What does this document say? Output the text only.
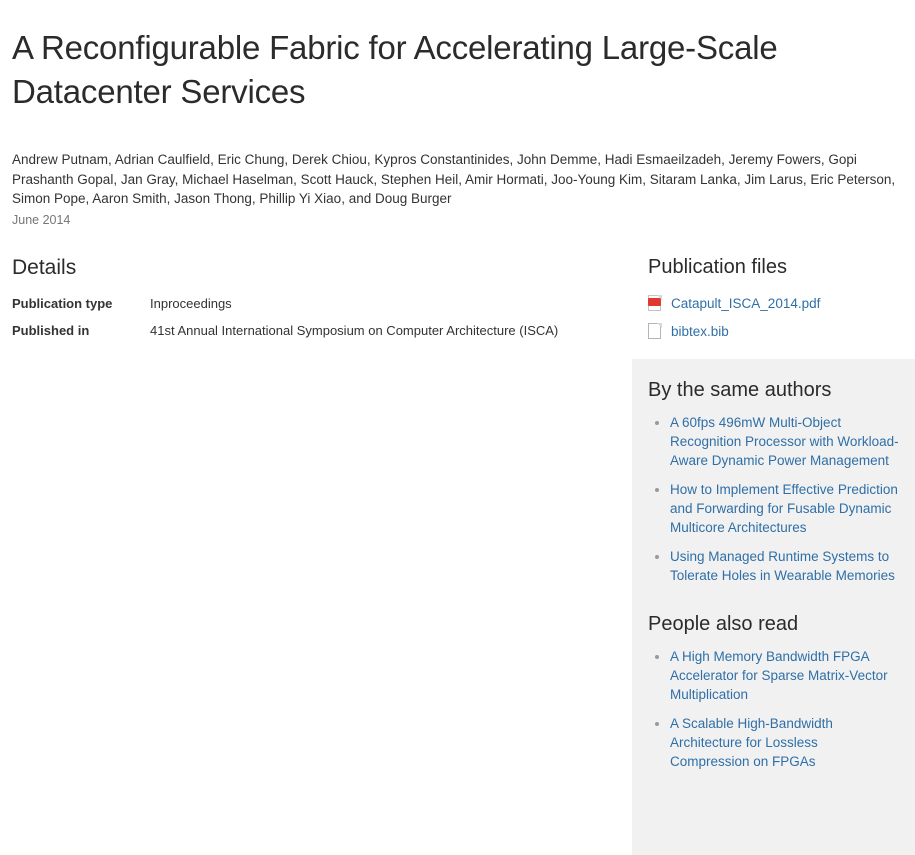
A Reconfigurable Fabric for Accelerating Large-Scale Datacenter Services
Andrew Putnam, Adrian Caulfield, Eric Chung, Derek Chiou, Kypros Constantinides, John Demme, Hadi Esmaeilzadeh, Jeremy Fowers, Gopi Prashanth Gopal, Jan Gray, Michael Haselman, Scott Hauck, Stephen Heil, Amir Hormati, Joo-Young Kim, Sitaram Lanka, Jim Larus, Eric Peterson, Simon Pope, Aaron Smith, Jason Thong, Phillip Yi Xiao, and Doug Burger
June 2014
Details
Publication type	Inproceedings
Published in	41st Annual International Symposium on Computer Architecture (ISCA)
Publication files
Catapult_ISCA_2014.pdf
bibtex.bib
By the same authors
• A 60fps 496mW Multi-Object Recognition Processor with Workload-Aware Dynamic Power Management
• How to Implement Effective Prediction and Forwarding for Fusable Dynamic Multicore Architectures
• Using Managed Runtime Systems to Tolerate Holes in Wearable Memories
People also read
• A High Memory Bandwidth FPGA Accelerator for Sparse Matrix-Vector Multiplication
• A Scalable High-Bandwidth Architecture for Lossless Compression on FPGAs
